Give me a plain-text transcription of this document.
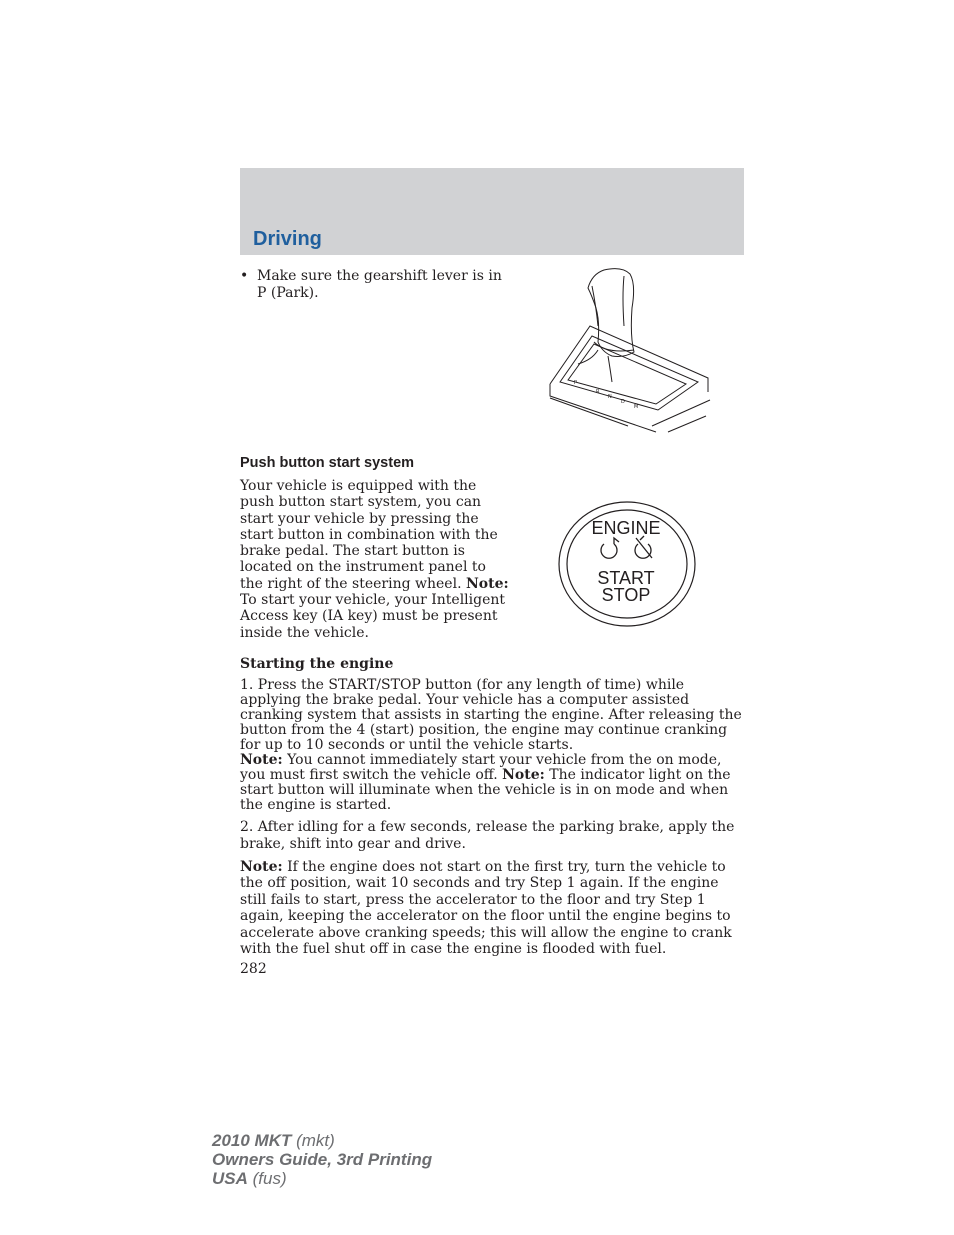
Driving
• Make sure the gearshift lever is in P (Park).
P
R
N
D
M
Push button start system
Your vehicle is equipped with the push button start system, you can start your vehicle by pressing the start button in combination with the brake pedal. The start button is located on the instrument panel to the right of the steering wheel. Note: To start your vehicle, your Intelligent Access key (IA key) must be present inside the vehicle.
ENGINE
START
STOP
Starting the engine

1. Press the START/STOP button (for any length of time) while applying the brake pedal. Your vehicle has a computer assisted cranking system that assists in starting the engine. After releasing the button from the 4 (start) position, the engine may continue cranking for up to 10 seconds or until the vehicle starts.
Note: You cannot immediately start your vehicle from the on mode, you must first switch the vehicle off. Note: The indicator light on the start button will illuminate when the vehicle is in on mode and when the engine is started.

2. After idling for a few seconds, release the parking brake, apply the brake, shift into gear and drive.

Note: If the engine does not start on the first try, turn the vehicle to the off position, wait 10 seconds and try Step 1 again. If the engine still fails to start, press the accelerator to the floor and try Step 1 again, keeping the accelerator on the floor until the engine begins to accelerate above cranking speeds; this will allow the engine to crank with the fuel shut off in case the engine is flooded with fuel.

282
2010 MKT (mkt)
Owners Guide, 3rd Printing
USA (fus)
